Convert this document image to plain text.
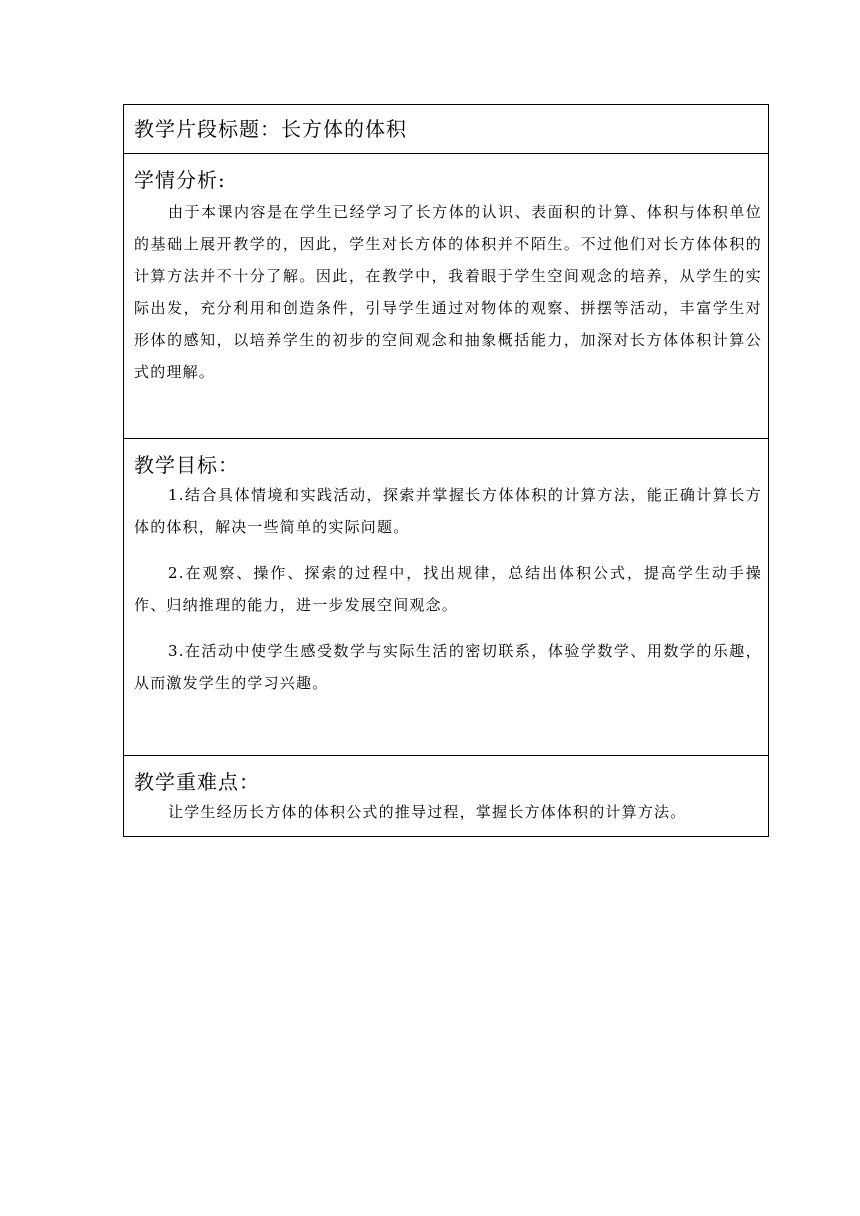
教学片段标题：长方体的体积

学情分析:

由于本课内容是在学生已经学习了长方体的认识、表面积的计算、体积与体积单位的基础上展开教学的，因此，学生对长方体的体积并不陌生。不过他们对长方体体积的计算方法并不十分了解。因此，在教学中，我着眼于学生空间观念的培养，从学生的实际出发，充分利用和创造条件，引导学生通过对物体的观察、拼摆等活动，丰富学生对形体的感知，以培养学生的初步的空间观念和抽象概括能力，加深对长方体体积计算公式的理解。

教学目标：

1.结合具体情境和实践活动，探索并掌握长方体体积的计算方法，能正确计算长方体的体积，解决一些简单的实际问题。

2.在观察、操作、探索的过程中，找出规律，总结出体积公式，提高学生动手操作、归纳推理的能力，进一步发展空间观念。

3.在活动中使学生感受数学与实际生活的密切联系，体验学数学、用数学的乐趣，从而激发学生的学习兴趣。

教学重难点：

让学生经历长方体的体积公式的推导过程，掌握长方体体积的计算方法。
